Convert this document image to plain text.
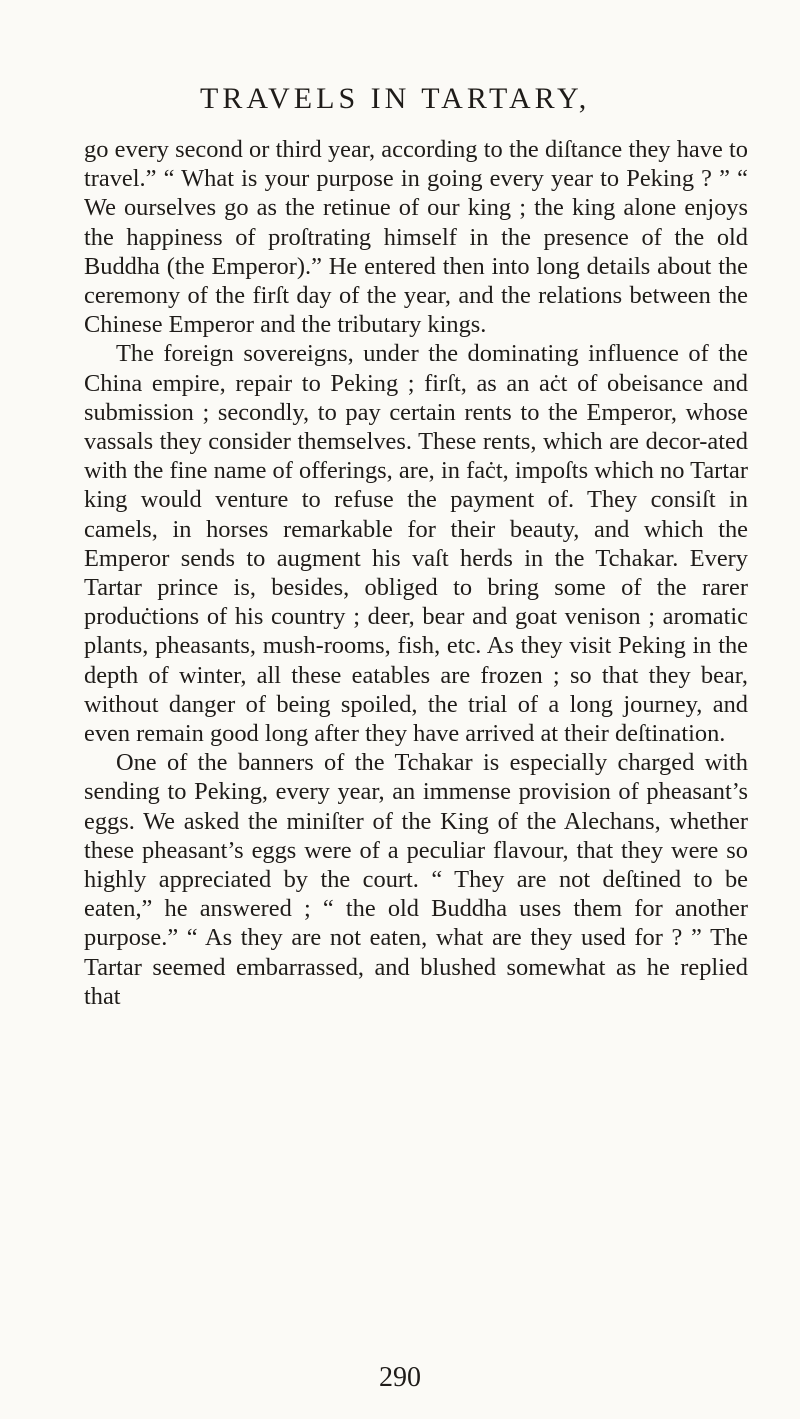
TRAVELS IN TARTARY,

go every second or third year, according to the diſtance they have to travel.” “ What is your purpose in going every year to Peking ? ” “ We ourselves go as the retinue of our king ; the king alone enjoys the happiness of proſtrating himself in the presence of the old Buddha (the Emperor).” He entered then into long details about the ceremony of the firſt day of the year, and the relations between the Chinese Emperor and the tributary kings.

The foreign sovereigns, under the dominating influence of the China empire, repair to Peking ; firſt, as an aċt of obeisance and submission ; secondly, to pay certain rents to the Emperor, whose vassals they consider themselves. These rents, which are decor-ated with the fine name of offerings, are, in faċt, impoſts which no Tartar king would venture to refuse the payment of. They consiſt in camels, in horses remarkable for their beauty, and which the Emperor sends to augment his vaſt herds in the Tchakar. Every Tartar prince is, besides, obliged to bring some of the rarer produċtions of his country ; deer, bear and goat venison ; aromatic plants, pheasants, mush-rooms, fish, etc. As they visit Peking in the depth of winter, all these eatables are frozen ; so that they bear, without danger of being spoiled, the trial of a long journey, and even remain good long after they have arrived at their deſtination.

One of the banners of the Tchakar is especially charged with sending to Peking, every year, an immense provision of pheasant’s eggs. We asked the miniſter of the King of the Alechans, whether these pheasant’s eggs were of a peculiar flavour, that they were so highly appreciated by the court. “ They are not deſtined to be eaten,” he answered ; “ the old Buddha uses them for another purpose.” “ As they are not eaten, what are they used for ? ” The Tartar seemed embarrassed, and blushed somewhat as he replied that

290
